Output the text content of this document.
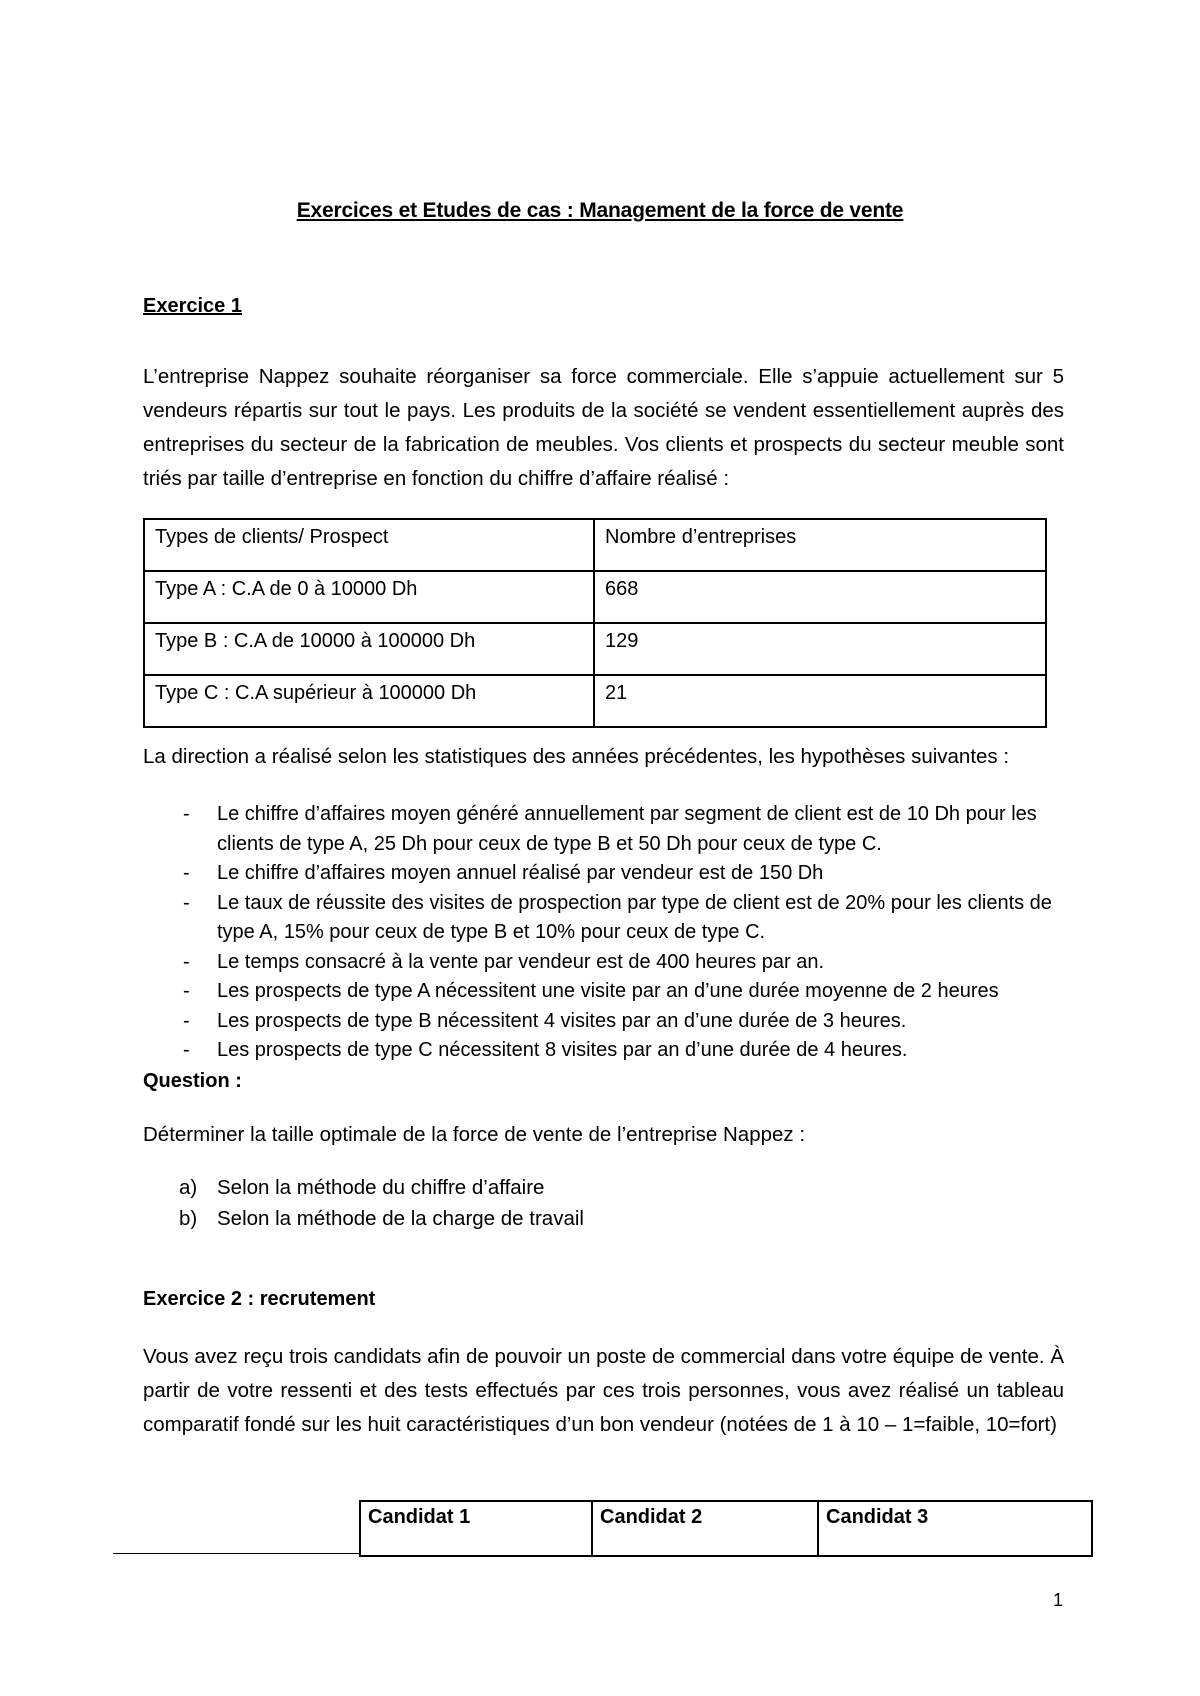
Exercices et Etudes de cas : Management de la force de vente
Exercice 1
L’entreprise Nappez souhaite réorganiser sa force commerciale. Elle s’appuie actuellement sur 5 vendeurs répartis sur tout le pays. Les produits de la société se vendent essentiellement auprès des entreprises du secteur de la fabrication de meubles. Vos clients et prospects du secteur meuble sont triés par taille d’entreprise en fonction du chiffre d’affaire réalisé :
Types de clients/ Prospect	Nombre d’entreprises
Type A : C.A de 0 à 10000 Dh	668
Type B : C.A de 10000 à 100000 Dh	129
Type C : C.A supérieur à 100000 Dh	21
La direction a réalisé selon les statistiques des années précédentes, les hypothèses suivantes :
- Le chiffre d’affaires moyen généré annuellement par segment de client est de 10 Dh pour les clients de type A, 25 Dh pour ceux de type B et 50 Dh pour ceux de type C.
- Le chiffre d’affaires moyen annuel réalisé par vendeur est de 150 Dh
- Le taux de réussite des visites de prospection par type de client est de 20% pour les clients de type A, 15% pour ceux de type B et 10% pour ceux de type C.
- Le temps consacré à la vente par vendeur est de 400 heures par an.
- Les prospects de type A nécessitent une visite par an d’une durée moyenne de 2 heures
- Les prospects de type B nécessitent 4 visites par an d’une durée de 3 heures.
- Les prospects de type C nécessitent 8 visites par an d’une durée de 4 heures.
Question :
Déterminer la taille optimale de la force de vente de l’entreprise Nappez :
a) Selon la méthode du chiffre d’affaire
b) Selon la méthode de la charge de travail
Exercice 2 : recrutement
Vous avez reçu trois candidats afin de pouvoir un poste de commercial dans votre équipe de vente. À partir de votre ressenti et des tests effectués par ces trois personnes, vous avez réalisé un tableau comparatif fondé sur les huit caractéristiques d’un bon vendeur (notées de 1 à 10 – 1=faible, 10=fort)
Candidat 1	Candidat 2	Candidat 3
1
